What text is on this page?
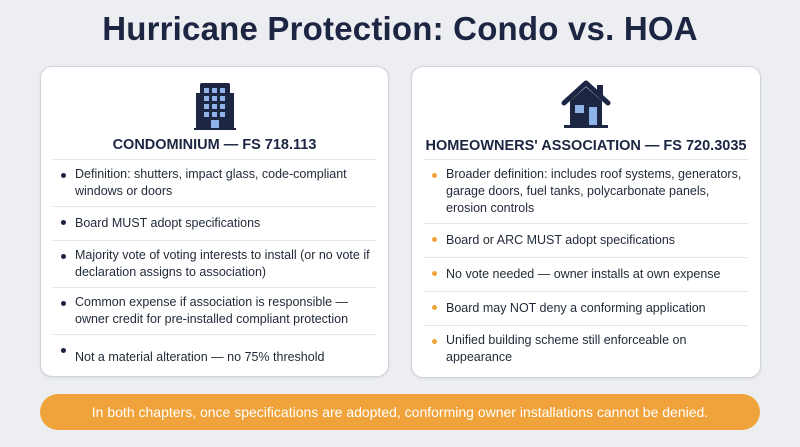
Hurricane Protection: Condo vs. HOA
CONDOMINIUM — FS 718.113
Definition: shutters, impact glass, code-compliant windows or doors
Board MUST adopt specifications
Majority vote of voting interests to install (or no vote if declaration assigns to association)
Common expense if association is responsible — owner credit for pre-installed compliant protection
Not a material alteration — no 75% threshold
HOMEOWNERS' ASSOCIATION — FS 720.3035
Broader definition: includes roof systems, generators, garage doors, fuel tanks, polycarbonate panels, erosion controls
Board or ARC MUST adopt specifications
No vote needed — owner installs at own expense
Board may NOT deny a conforming application
Unified building scheme still enforceable on appearance
In both chapters, once specifications are adopted, conforming owner installations cannot be denied.
